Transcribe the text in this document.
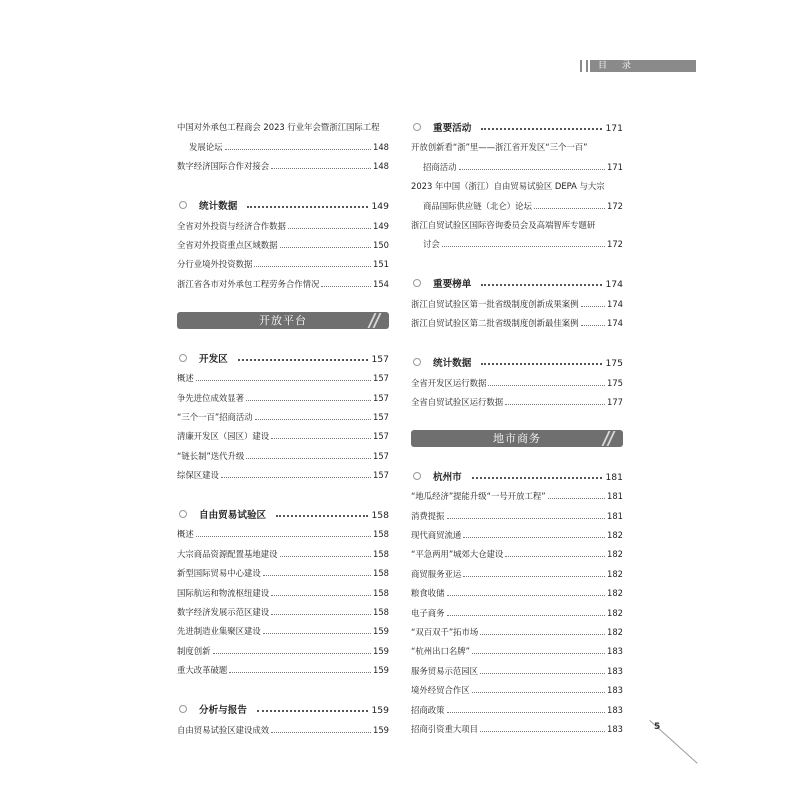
目 录
中国对外承包工程商会 2023 行业年会暨浙江国际工程
发展论坛	148
数字经济国际合作对接会	148
统计数据	149
全省对外投资与经济合作数据	149
全省对外投资重点区域数据	150
分行业境外投资数据	151
浙江省各市对外承包工程劳务合作情况	154
开放平台
开发区	157
概述	157
争先进位成效显著	157
“三个一百”招商活动	157
清廉开发区（园区）建设	157
“链长制”迭代升级	157
综保区建设	157
自由贸易试验区	158
概述	158
大宗商品资源配置基地建设	158
新型国际贸易中心建设	158
国际航运和物流枢纽建设	158
数字经济发展示范区建设	158
先进制造业集聚区建设	159
制度创新	159
重大改革破题	159
分析与报告	159
自由贸易试验区建设成效	159
重要活动	171
开放创新看“浙”里——浙江省开发区“三个一百”
招商活动	171
2023 年中国（浙江）自由贸易试验区 DEPA 与大宗
商品国际供应链（北仑）论坛	172
浙江自贸试验区国际咨询委员会及高端智库专题研
讨会	172
重要榜单	174
浙江自贸试验区第一批省级制度创新成果案例	174
浙江自贸试验区第二批省级制度创新最佳案例	174
统计数据	175
全省开发区运行数据	175
全省自贸试验区运行数据	177
地市商务
杭州市	181
“地瓜经济”提能升级“一号开放工程”	181
消费提振	181
现代商贸流通	182
“平急两用”城郊大仓建设	182
商贸服务亚运	182
粮食收储	182
电子商务	182
“双百双千”拓市场	182
“杭州出口名牌”	183
服务贸易示范园区	183
境外经贸合作区	183
招商政策	183
招商引资重大项目	183	5
